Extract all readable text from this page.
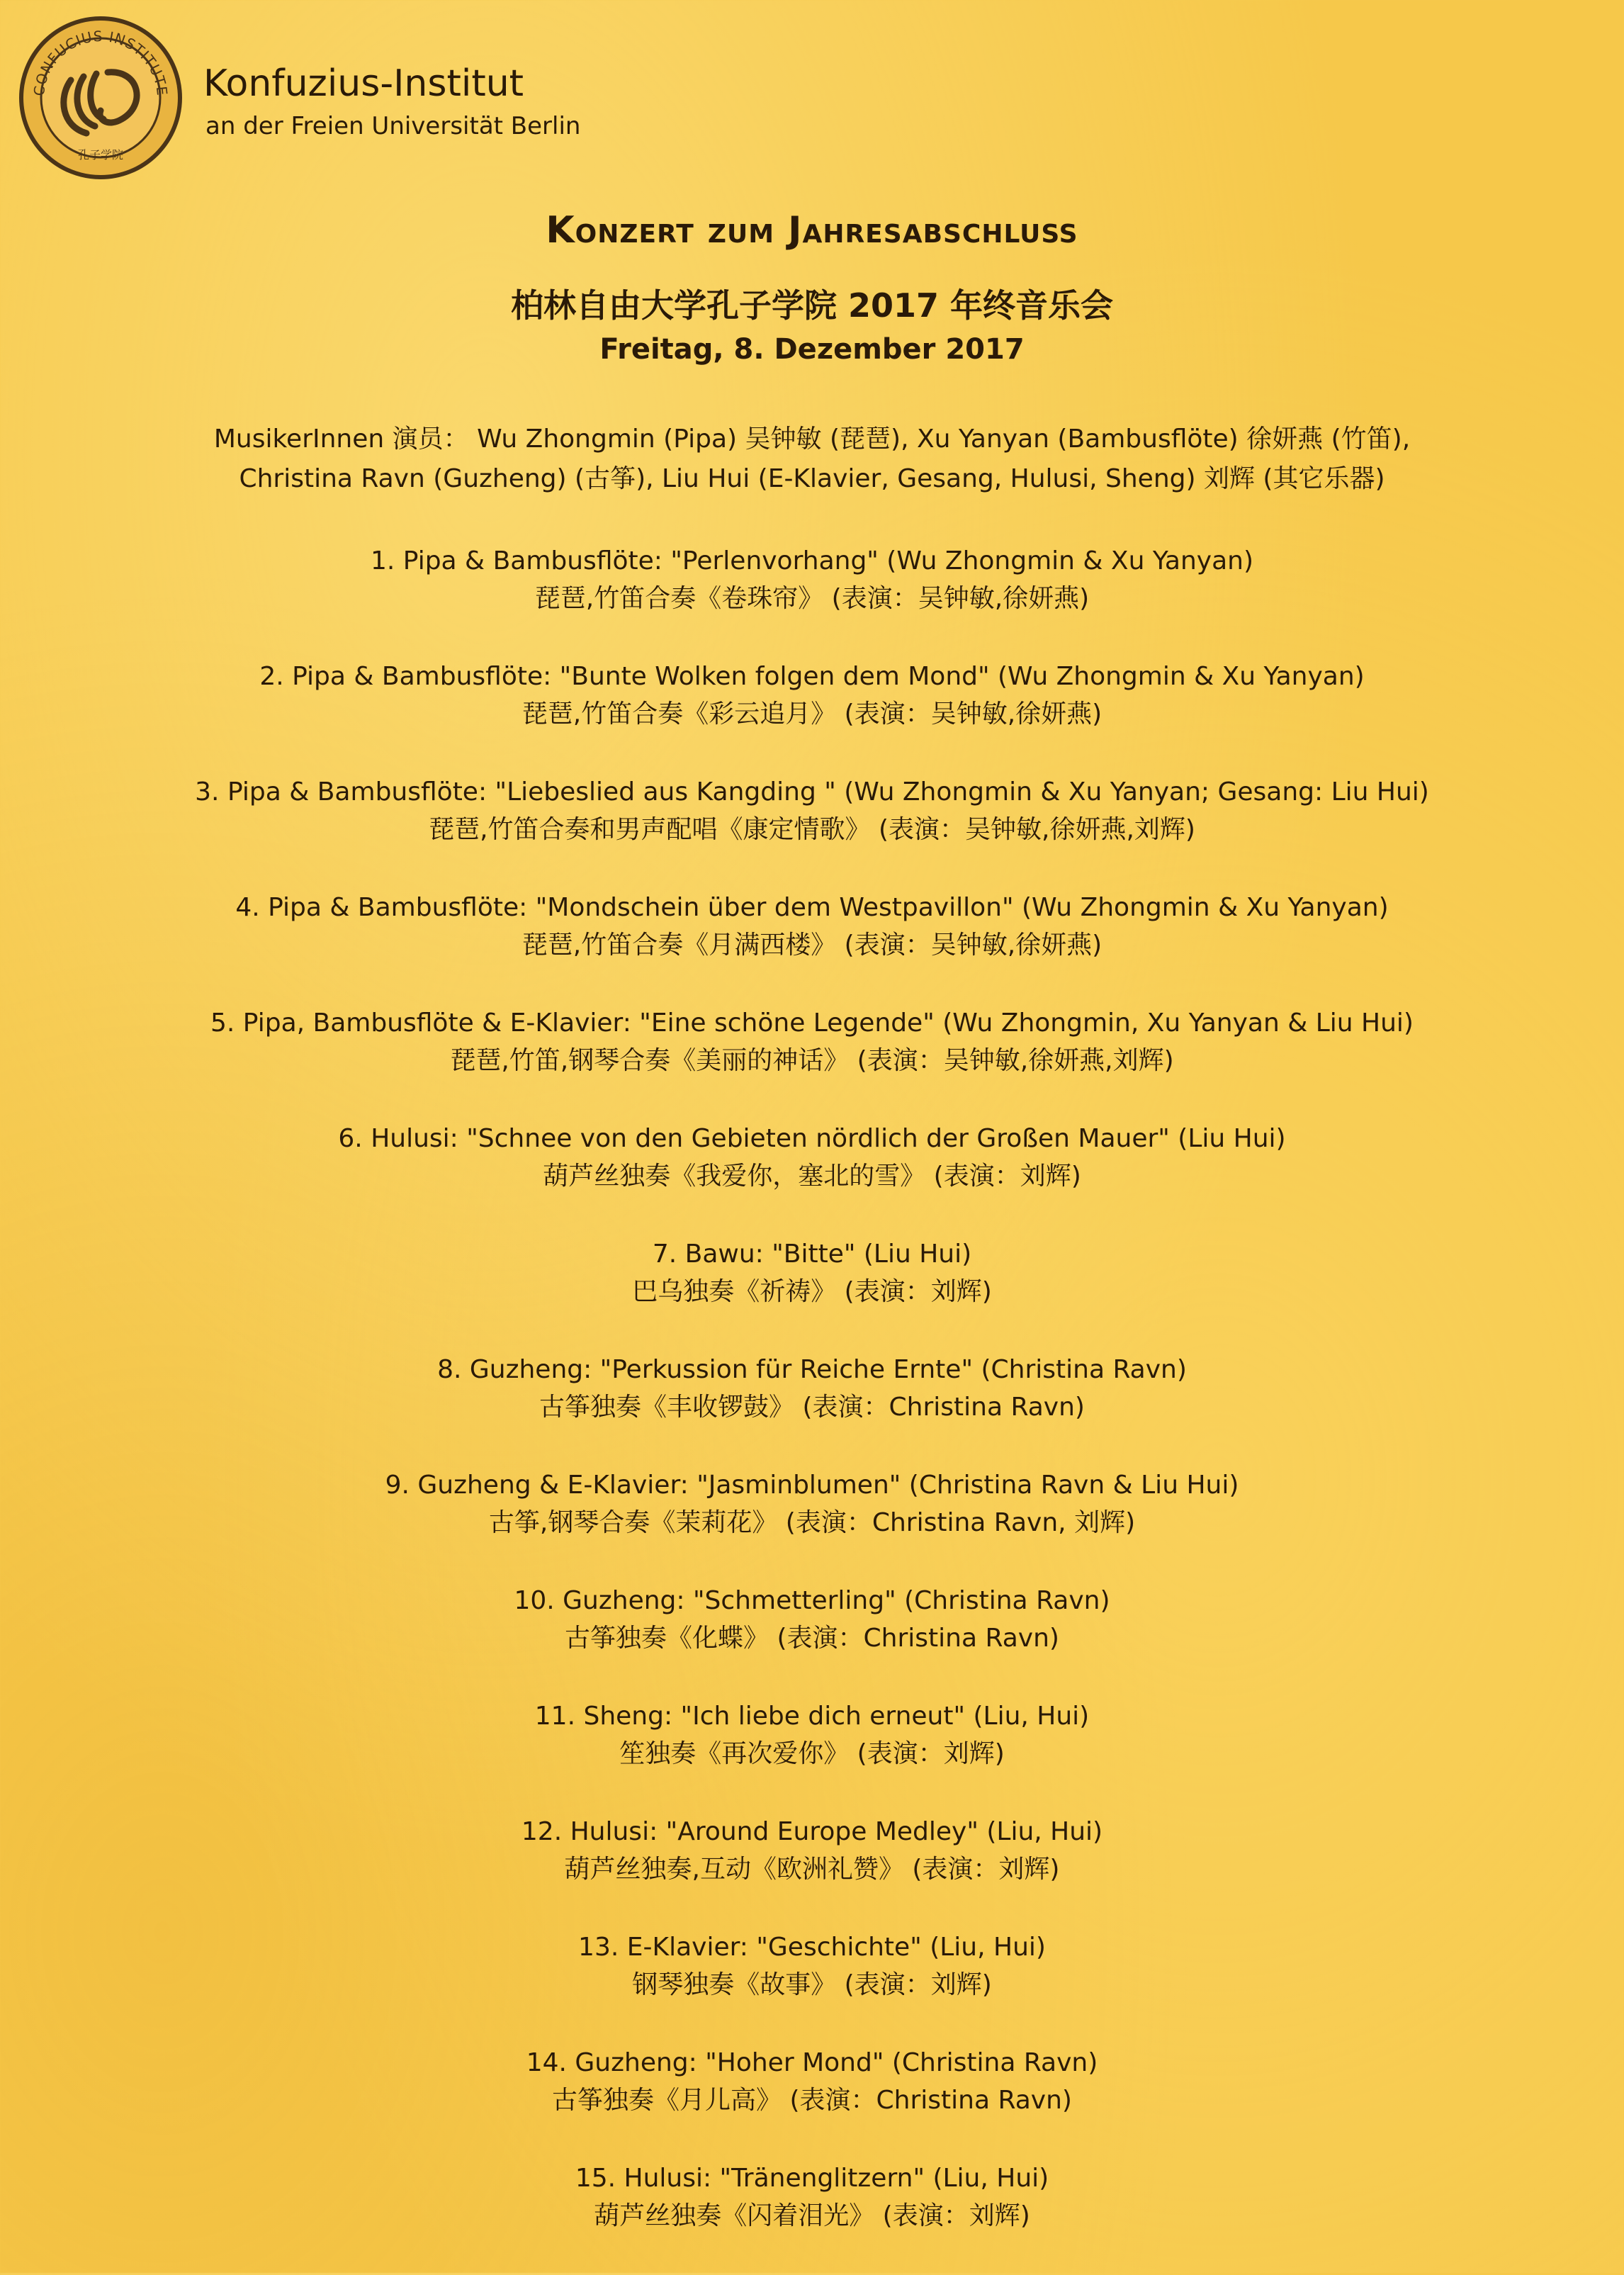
CONFUCIUS INSTITUTE
孔子学院
Konfuzius-Institut
an der Freien Universität Berlin
Konzert zum Jahresabschluss
柏林自由大学孔子学院 2017 年终音乐会
Freitag, 8. Dezember 2017
MusikerInnen 演员： Wu Zhongmin (Pipa) 吴钟敏 (琵琶), Xu Yanyan (Bambusflöte) 徐妍燕 (竹笛),
Christina Ravn (Guzheng) (古筝), Liu Hui (E-Klavier, Gesang, Hulusi, Sheng) 刘辉 (其它乐器)
1. Pipa & Bambusflöte: "Perlenvorhang" (Wu Zhongmin & Xu Yanyan)
琵琶,竹笛合奏《卷珠帘》 (表演：吴钟敏,徐妍燕)
2. Pipa & Bambusflöte: "Bunte Wolken folgen dem Mond" (Wu Zhongmin & Xu Yanyan)
琵琶,竹笛合奏《彩云追月》 (表演：吴钟敏,徐妍燕)
3. Pipa & Bambusflöte: "Liebeslied aus Kangding " (Wu Zhongmin & Xu Yanyan; Gesang: Liu Hui)
琵琶,竹笛合奏和男声配唱《康定情歌》 (表演：吴钟敏,徐妍燕,刘辉)
4. Pipa & Bambusflöte: "Mondschein über dem Westpavillon" (Wu Zhongmin & Xu Yanyan)
琵琶,竹笛合奏《月满西楼》 (表演：吴钟敏,徐妍燕)
5. Pipa, Bambusflöte & E-Klavier: "Eine schöne Legende" (Wu Zhongmin, Xu Yanyan & Liu Hui)
琵琶,竹笛,钢琴合奏《美丽的神话》 (表演：吴钟敏,徐妍燕,刘辉)
6. Hulusi: "Schnee von den Gebieten nördlich der Großen Mauer" (Liu Hui)
葫芦丝独奏《我爱你，塞北的雪》 (表演：刘辉)
7. Bawu: "Bitte" (Liu Hui)
巴乌独奏《祈祷》 (表演：刘辉)
8. Guzheng: "Perkussion für Reiche Ernte" (Christina Ravn)
古筝独奏《丰收锣鼓》 (表演：Christina Ravn)
9. Guzheng & E-Klavier: "Jasminblumen" (Christina Ravn & Liu Hui)
古筝,钢琴合奏《茉莉花》 (表演：Christina Ravn, 刘辉)
10. Guzheng: "Schmetterling" (Christina Ravn)
古筝独奏《化蝶》 (表演：Christina Ravn)
11. Sheng: "Ich liebe dich erneut" (Liu, Hui)
笙独奏《再次爱你》 (表演：刘辉)
12. Hulusi: "Around Europe Medley" (Liu, Hui)
葫芦丝独奏,互动《欧洲礼赞》 (表演：刘辉)
13. E-Klavier: "Geschichte" (Liu, Hui)
钢琴独奏《故事》 (表演：刘辉)
14. Guzheng: "Hoher Mond" (Christina Ravn)
古筝独奏《月儿高》 (表演：Christina Ravn)
15. Hulusi: "Tränenglitzern" (Liu, Hui)
葫芦丝独奏《闪着泪光》 (表演：刘辉)
